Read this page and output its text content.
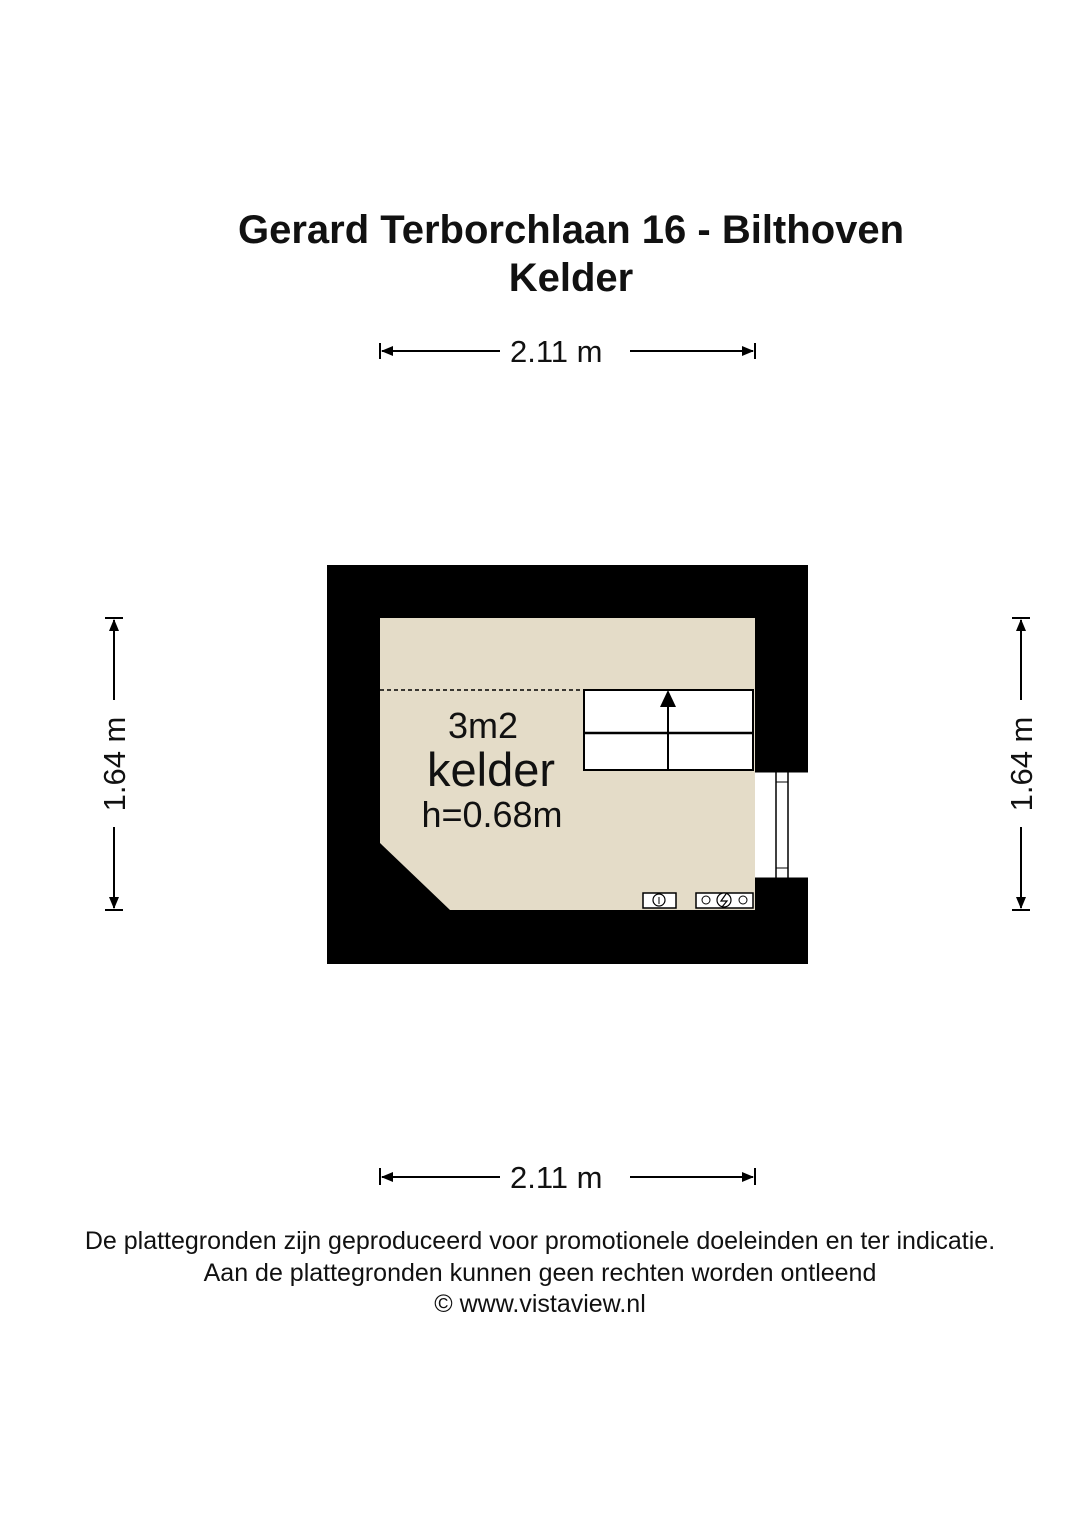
Gerard Terborchlaan 16 - Bilthoven
Kelder
3m2
kelder
h=0.68m
1.64 m	1.64 m
2.11 m
2.11 m
De plattegronden zijn geproduceerd voor promotionele doeleinden en ter indicatie.
Aan de plattegronden kunnen geen rechten worden ontleend
© www.vistaview.nl
